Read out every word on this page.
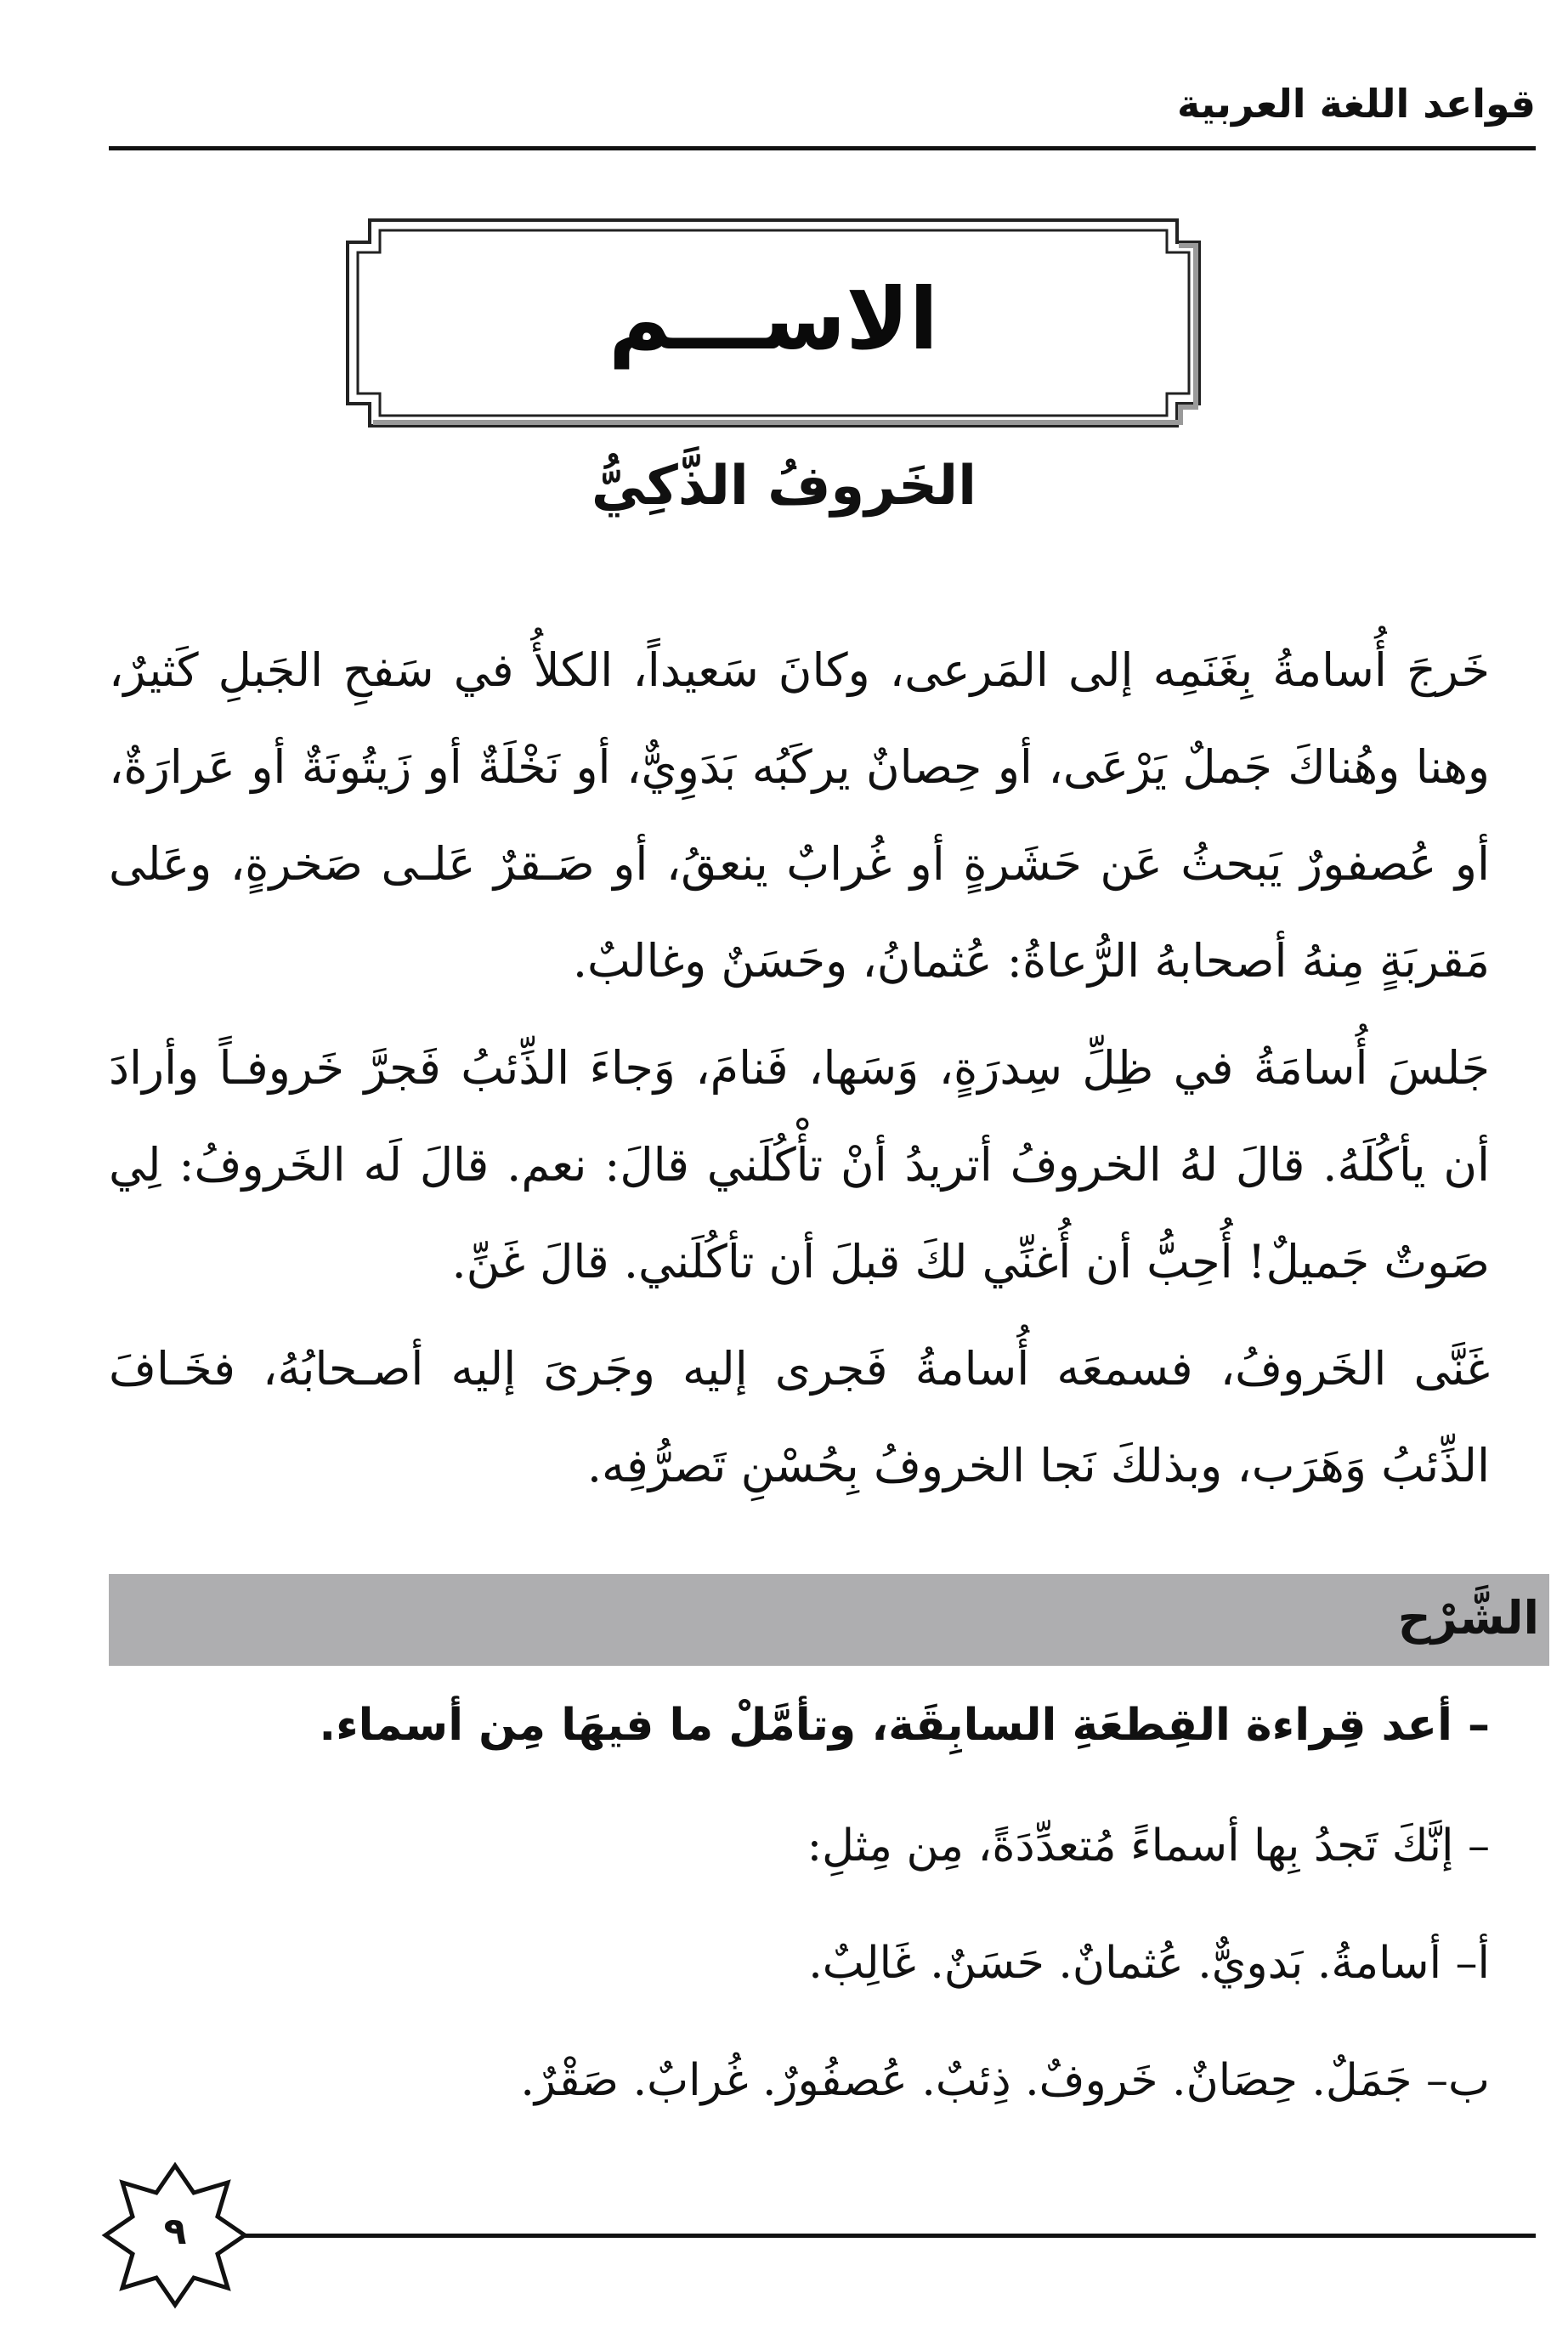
قواعد اللغة العربية
الاســـم
الخَروفُ الذَّكِيُّ

خَرجَ أُسامةُ بِغَنَمِه إلى المَرعى، وكانَ سَعيداً، الكلأُ في سَفحِ الجَبلِ كَثيرٌ، وهنا وهُناكَ جَملٌ يَرْعَى، أو حِصانٌ يركَبُه بَدَوِيٌّ، أو نَخْلَةٌ أو زَيتُونَةٌ أو عَرارَةٌ، أو عُصفورٌ يَبحثُ عَن حَشَرةٍ أو غُرابٌ ينعقُ، أو صَـقرٌ عَلـى صَخرةٍ، وعَلى مَقربَةٍ مِنهُ أصحابهُ الرُّعاةُ: عُثمانُ، وحَسَنٌ وغالبٌ.

جَلسَ أُسامَةُ في ظِلِّ سِدرَةٍ، وَسَها، فَنامَ، وَجاءَ الذِّئبُ فَجرَّ خَروفـاً وأرادَ أن يأكُلَهُ. قالَ لهُ الخروفُ أتريدُ أنْ تأْكُلَني قالَ: نعم. قالَ لَه الخَروفُ: لِي صَوتٌ جَميلٌ! أُحِبُّ أن أُغنِّي لكَ قبلَ أن تأكُلَني. قالَ غَنِّ.

غَنَّى الخَروفُ، فسمعَه أُسامةُ فَجرى إليه وجَرىَ إليه أصـحابُهُ، فخَـافَ الذِّئبُ وَهَرَب، وبذلكَ نَجا الخروفُ بِحُسْنِ تَصرُّفِه.

الشَّرْح
– أعد قِراءة القِطعَةِ السابِقَة، وتأمَّلْ ما فيهَا مِن أسماء.
– إنَّكَ تَجدُ بِها أسماءً مُتعدِّدَةً، مِن مِثلِ:
أ– أسامةُ. بَدويٌّ. عُثمانٌ. حَسَنٌ. غَالِبٌ.
ب– جَمَلٌ. حِصَانٌ. خَروفٌ. ذِئبٌ. عُصفُورٌ. غُرابٌ. صَقْرٌ.
٩
